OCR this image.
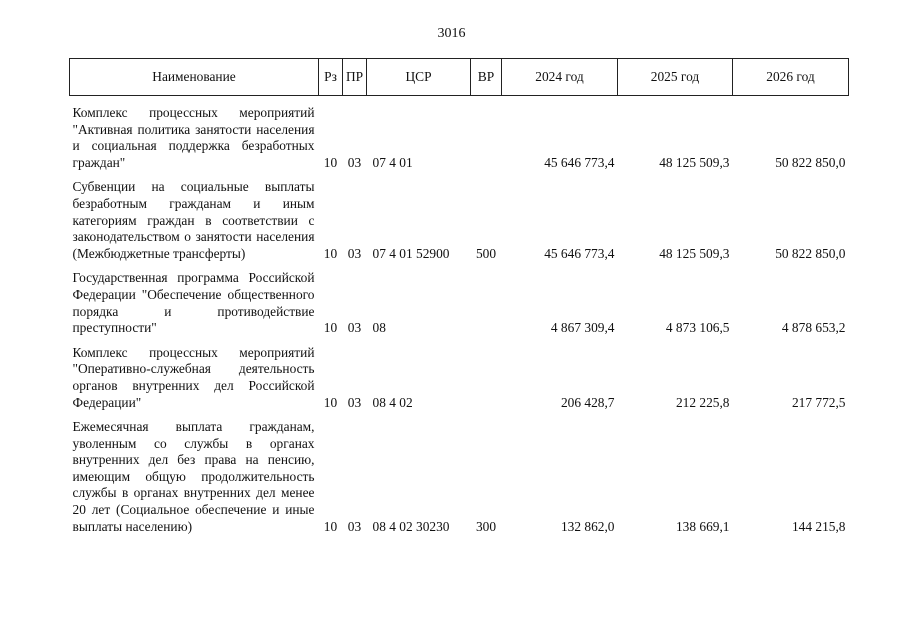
3016
Наименование	Рз	ПР	ЦСР	ВР	2024 год	2025 год	2026 год
Комплекс процессных мероприятий "Активная политика занятости населения и социальная поддержка безработных граждан"	10	03	07 4 01		45 646 773,4	48 125 509,3	50 822 850,0
Субвенции на социальные выплаты безработным гражданам и иным категориям граждан в соответствии с законодательством о занятости населения (Межбюджетные трансферты)	10	03	07 4 01 52900	500	45 646 773,4	48 125 509,3	50 822 850,0
Государственная программа Российской Федерации "Обеспечение общественного порядка и противодействие преступности"	10	03	08		4 867 309,4	4 873 106,5	4 878 653,2
Комплекс процессных мероприятий "Оперативно-служебная деятельность органов внутренних дел Российской Федерации"	10	03	08 4 02		206 428,7	212 225,8	217 772,5
Ежемесячная выплата гражданам, уволенным со службы в органах внутренних дел без права на пенсию, имеющим общую продолжительность службы в органах внутренних дел менее 20 лет (Социальное обеспечение и иные выплаты населению)	10	03	08 4 02 30230	300	132 862,0	138 669,1	144 215,8
